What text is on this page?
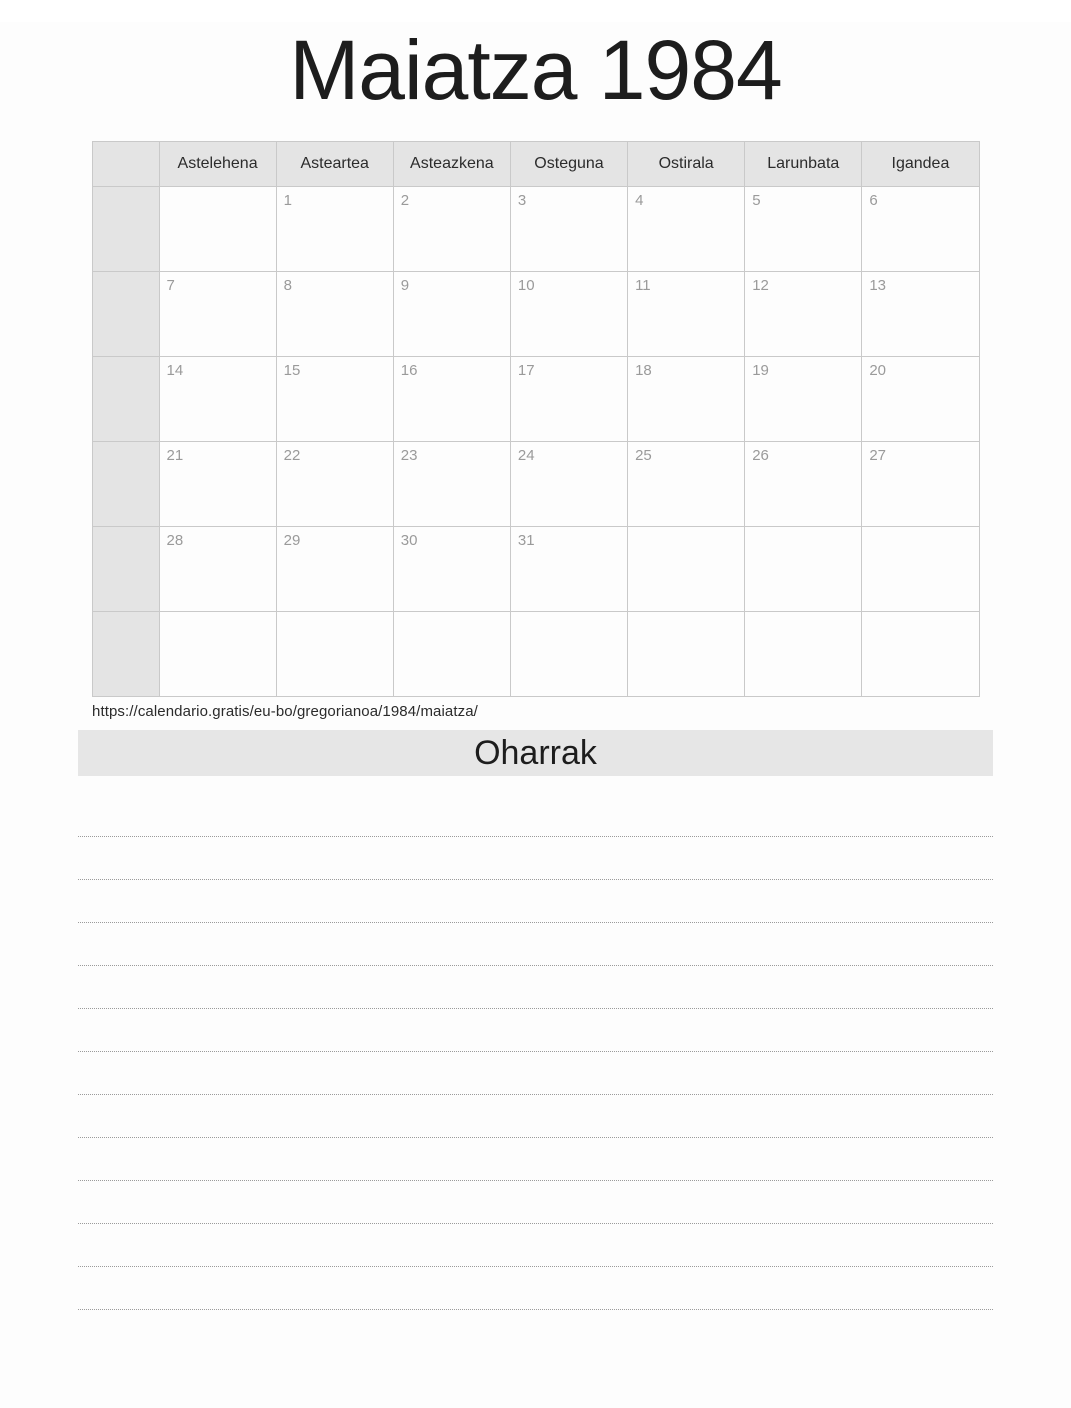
Maiatza 1984
	Astelehena	Asteartea	Asteazkena	Osteguna	Ostirala	Larunbata	Igandea

		1	2	3	4	5	6

	7	8	9	10	11	12	13

	14	15	16	17	18	19	20

	21	22	23	24	25	26	27

	28	29	30	31			

https://calendario.gratis/eu-bo/gregorianoa/1984/maiatza/
Oharrak
